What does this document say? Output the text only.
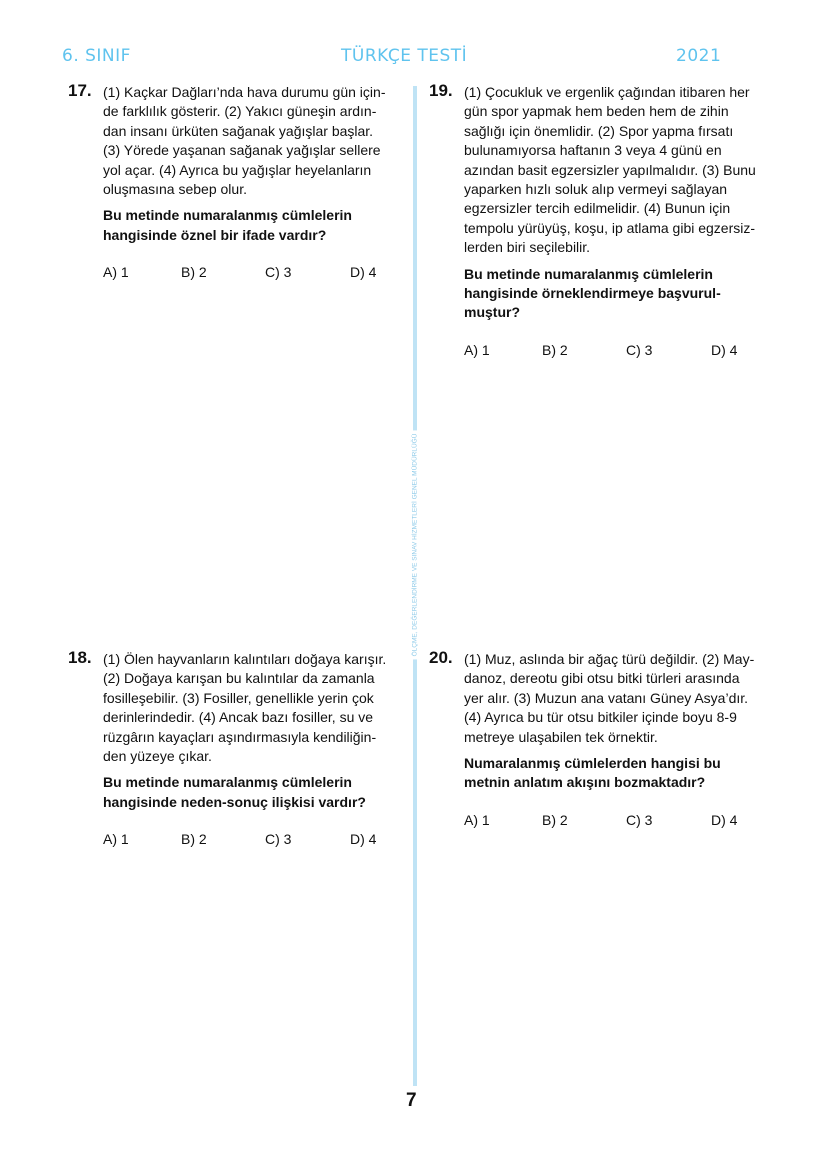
6. SINIF	TÜRKÇE TESTİ	2021
ÖLÇME, DEĞERLENDİRME VE SINAV HİZMETLERİ GENEL MÜDÜRLÜĞÜ
17. (1) Kaçkar Dağları’nda hava durumu gün için-
de farklılık gösterir. (2) Yakıcı güneşin ardın-
dan insanı ürküten sağanak yağışlar başlar.
(3) Yörede yaşanan sağanak yağışlar sellere
yol açar. (4) Ayrıca bu yağışlar heyelanların
oluşmasına sebep olur.
Bu metinde numaralanmış cümlelerin
hangisinde öznel bir ifade vardır?
A) 1	B) 2	C) 3	D) 4
18. (1) Ölen hayvanların kalıntıları doğaya karışır.
(2) Doğaya karışan bu kalıntılar da zamanla
fosilleşebilir. (3) Fosiller, genellikle yerin çok
derinlerindedir. (4) Ancak bazı fosiller, su ve
rüzgârın kayaçları aşındırmasıyla kendiliğin-
den yüzeye çıkar.
Bu metinde numaralanmış cümlelerin
hangisinde neden-sonuç ilişkisi vardır?
A) 1	B) 2	C) 3	D) 4
19. (1) Çocukluk ve ergenlik çağından itibaren her
gün spor yapmak hem beden hem de zihin
sağlığı için önemlidir. (2) Spor yapma fırsatı
bulunamıyorsa haftanın 3 veya 4 günü en
azından basit egzersizler yapılmalıdır. (3) Bunu
yaparken hızlı soluk alıp vermeyi sağlayan
egzersizler tercih edilmelidir. (4) Bunun için
tempolu yürüyüş, koşu, ip atlama gibi egzersiz-
lerden biri seçilebilir.
Bu metinde numaralanmış cümlelerin
hangisinde örneklendirmeye başvurul-
muştur?
A) 1	B) 2	C) 3	D) 4
20. (1) Muz, aslında bir ağaç türü değildir. (2) May-
danoz, dereotu gibi otsu bitki türleri arasında
yer alır. (3) Muzun ana vatanı Güney Asya’dır.
(4) Ayrıca bu tür otsu bitkiler içinde boyu 8-9
metreye ulaşabilen tek örnektir.
Numaralanmış cümlelerden hangisi bu
metnin anlatım akışını bozmaktadır?
A) 1	B) 2	C) 3	D) 4
7
